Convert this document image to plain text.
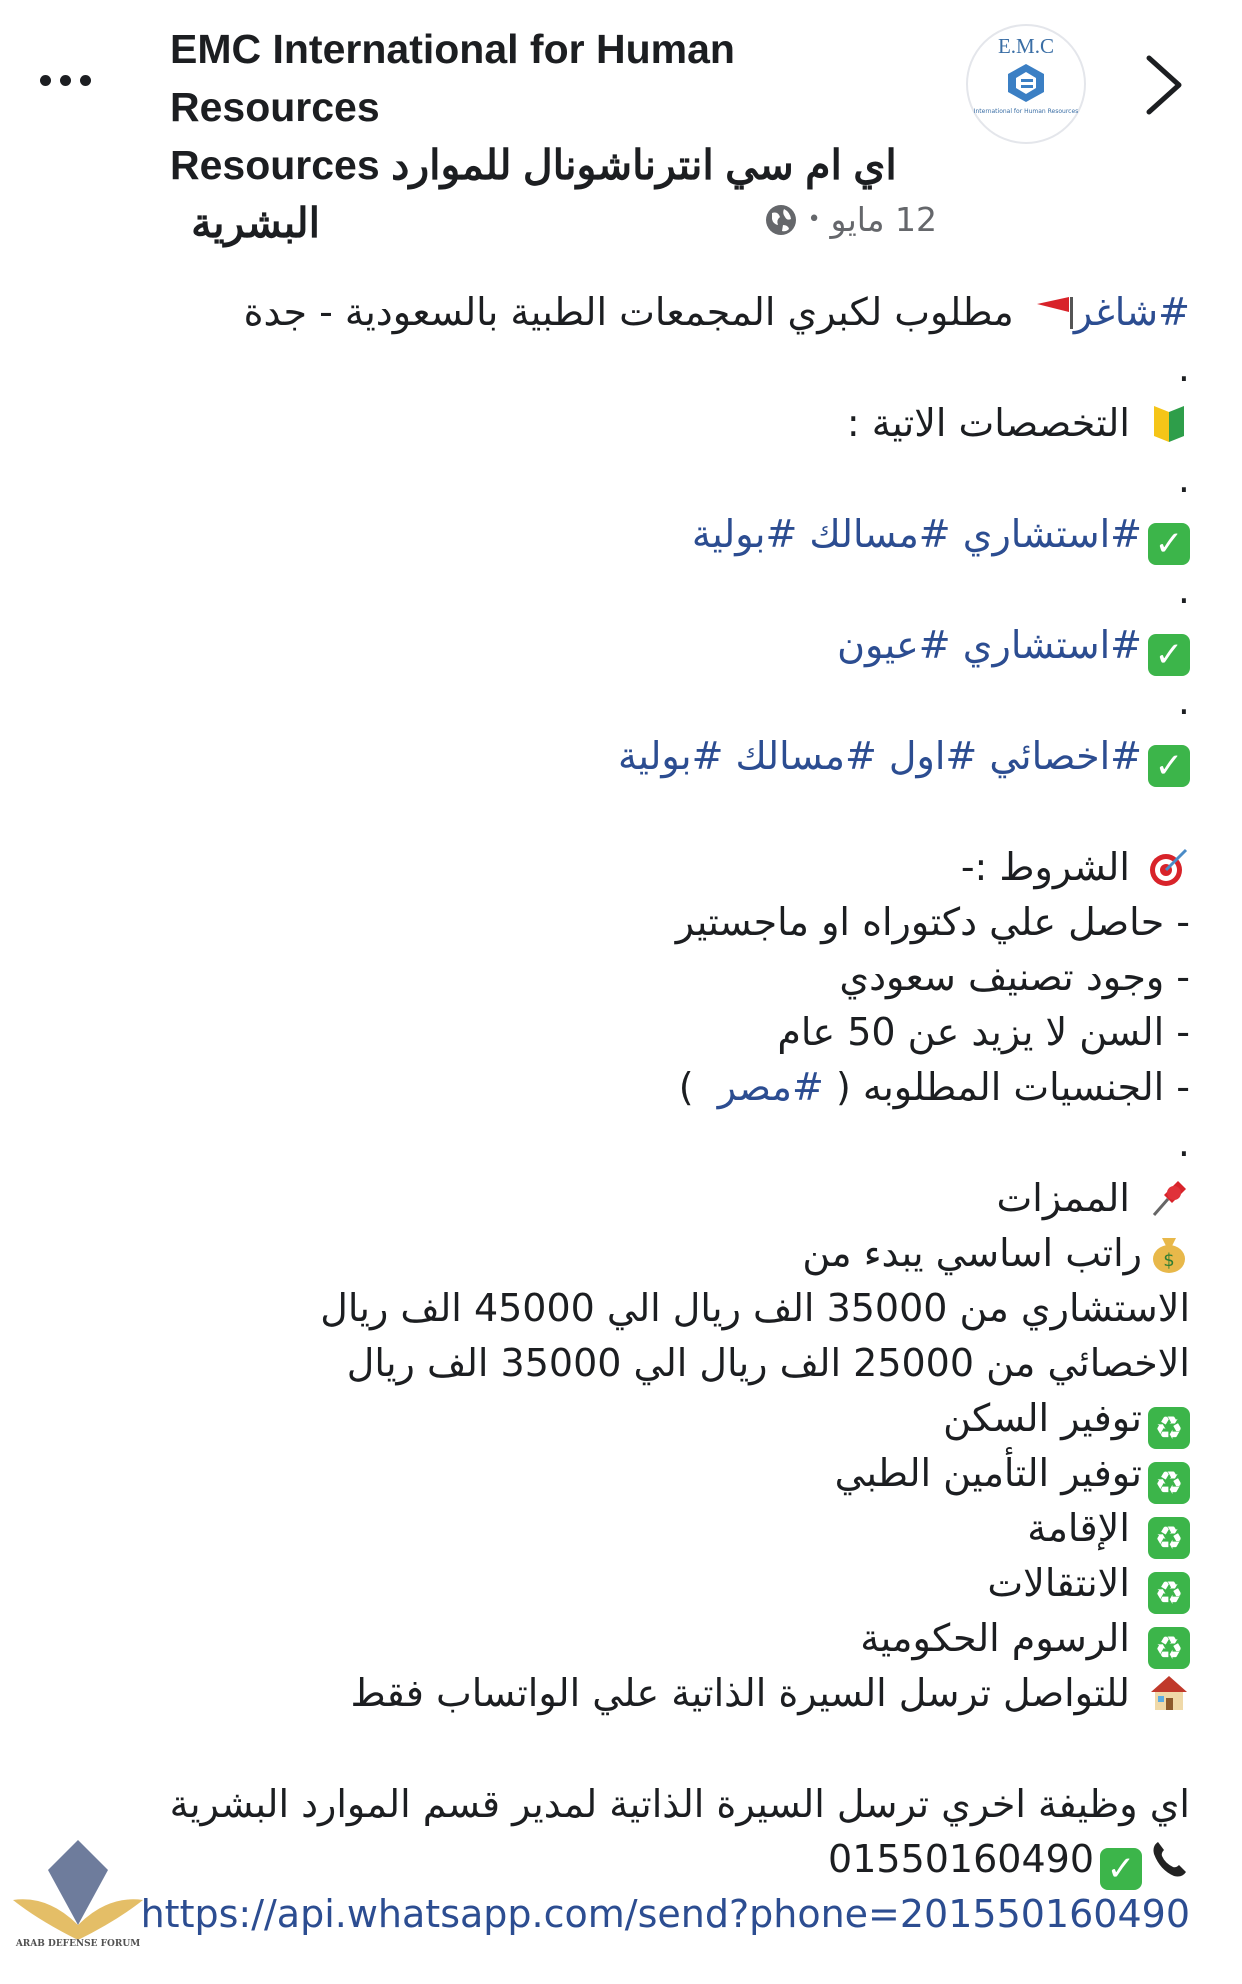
E.M.C
International for Human Resources
EMC International for Human Resources
Resources اي ام سي انترناشونال للموارد
البشرية	12 مايو
•
#شاغر مطلوب لكبري المجمعات الطبية بالسعودية - جدة
.
التخصصات الاتية :
.
✓#استشاري #مسالك #بولية
.
✓#استشاري #عيون
.
✓#اخصائي #اول #مسالك #بولية
الشروط :-
- حاصل علي دكتوراه او ماجستير
- وجود تصنيف سعودي
- السن لا يزيد عن 50 عام
- الجنسيات المطلوبه ( #مصر  )
.
الممزات
$
راتب اساسي يبدء من
الاستشاري من 35000 الف ريال الي 45000 الف ريال
الاخصائي من 25000 الف ريال الي 35000 الف ريال
♻توفير السكن
♻توفير التأمين الطبي
♻ الإقامة
♻ الانتقالات
♻ الرسوم الحكومية
للتواصل ترسل السيرة الذاتية علي الواتساب فقط
اي وظيفة اخري ترسل السيرة الذاتية لمدير قسم الموارد البشرية
✓01550160490
https://api.whatsapp.com/send?phone=201550160490
ARAB DEFENSE FORUM
